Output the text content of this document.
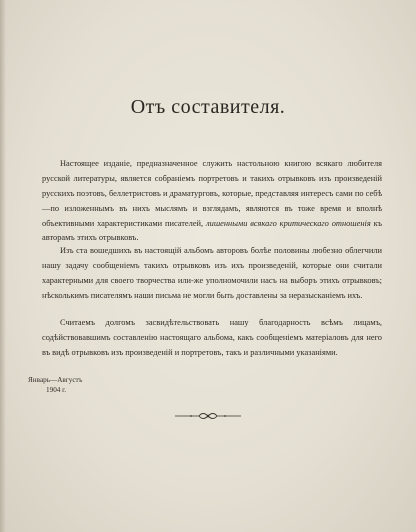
Отъ составителя.

Настоящее изданіе, предназначенное служить настольною книгою всякаго любителя русской литературы, является собраніемъ портретовъ и такихъ отрывковъ изъ произведеній русскихъ поэтовъ, беллетристовъ и драматурговъ, которые, представляя интересъ сами по себѣ—по изложеннымъ въ нихъ мыслямъ и взглядамъ, являются въ тоже время и вполнѣ объективными характеристиками писателей, лишенными всякаго критическаго отношенія къ авторамъ этихъ отрывковъ.

Изъ ста вошедшихъ въ настоящій альбомъ авторовъ болѣе половины любезно облегчили нашу задачу сообщеніемъ такихъ отрывковъ изъ ихъ произведеній, которые они считали характерными для своего творчества или-же уполномочили насъ на выборъ этихъ отрывковъ; нѣсколькимъ писателямъ наши письма не могли быть доставлены за неразысканіемъ ихъ.

Считаемъ долгомъ засвидѣтельствовать нашу благодарность всѣмъ лицамъ, содѣйствовавшимъ составленію настоящаго альбома, какъ сообщеніемъ матеріаловъ для него въ видѣ отрывковъ изъ произведеній и портретовъ, такъ и различными указаніями.

Январь—Августъ
1904 г.
